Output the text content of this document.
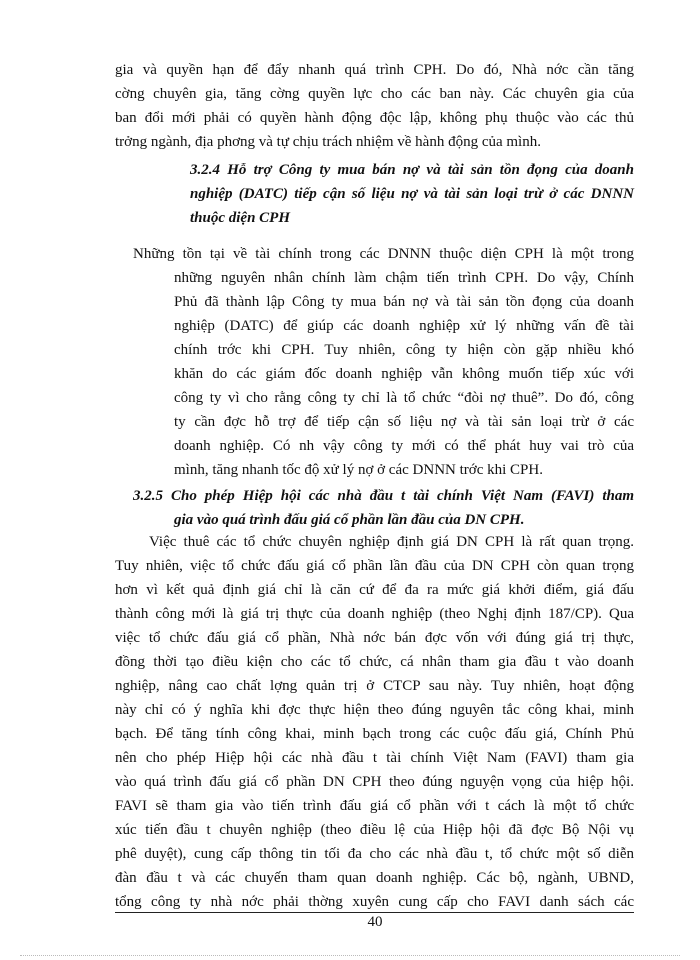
gia và quyền hạn để đẩy nhanh quá trình CPH. Do đó, Nhà nớc cần tăng
cờng chuyên gia, tăng cờng quyền lực cho các ban này. Các chuyên gia của
ban đổi mới phải có quyền hành động độc lập, không phụ thuộc vào các thủ
trởng ngành, địa phơng và tự chịu trách nhiệm về hành động của mình.
3.2.4 Hỗ trợ Công ty mua bán nợ và tài sản tồn đọng của doanh
nghiệp (DATC) tiếp cận số liệu nợ và tài sản loại trừ ở các DNNN
thuộc diện CPH
Những tồn tại về tài chính trong các DNNN thuộc diện CPH là một trong
những nguyên nhân chính làm chậm tiến trình CPH. Do vậy, Chính
Phủ đã thành lập Công ty mua bán nợ và tài sản tồn đọng của doanh
nghiệp (DATC) để giúp các doanh nghiệp xử lý những vấn đề tài
chính trớc khi CPH. Tuy nhiên, công ty hiện còn gặp nhiều khó
khăn do các giám đốc doanh nghiệp vẫn không muốn tiếp xúc với
công ty vì cho rằng công ty chỉ là tổ chức “đòi nợ thuê”. Do đó, công
ty cần đợc hỗ trợ để tiếp cận số liệu nợ và tài sản loại trừ ở các
doanh nghiệp. Có nh vậy công ty mới có thể phát huy vai trò của
mình, tăng nhanh tốc độ xử lý nợ ở các DNNN trớc khi CPH.
3.2.5 Cho phép Hiệp hội các nhà đầu t tài chính Việt Nam (FAVI) tham
gia vào quá trình đấu giá cổ phần lần đầu của DN CPH.
Việc thuê các tổ chức chuyên nghiệp định giá DN CPH là rất quan trọng.
Tuy nhiên, việc tổ chức đấu giá cổ phần lần đầu của DN CPH còn quan trọng
hơn vì kết quả định giá chỉ là căn cứ để đa ra mức giá khởi điểm, giá đấu
thành công mới là giá trị thực của doanh nghiệp (theo Nghị định 187/CP). Qua
việc tổ chức đấu giá cổ phần, Nhà nớc bán đợc vốn với đúng giá trị thực,
đồng thời tạo điều kiện cho các tổ chức, cá nhân tham gia đầu t vào doanh
nghiệp, nâng cao chất lợng quản trị ở CTCP sau này. Tuy nhiên, hoạt động
này chỉ có ý nghĩa khi đợc thực hiện theo đúng nguyên tắc công khai, minh
bạch. Để tăng tính công khai, minh bạch trong các cuộc đấu giá, Chính Phủ
nên cho phép Hiệp hội các nhà đầu t tài chính Việt Nam (FAVI) tham gia
vào quá trình đấu giá cổ phần DN CPH theo đúng nguyện vọng của hiệp hội.
FAVI sẽ tham gia vào tiến trình đấu giá cổ phần với t cách là một tổ chức
xúc tiến đầu t chuyên nghiệp (theo điều lệ của Hiệp hội đã đợc Bộ Nội vụ
phê duyệt), cung cấp thông tin tối đa cho các nhà đầu t, tổ chức một số diễn
đàn đầu t và các chuyến tham quan doanh nghiệp. Các bộ, ngành, UBND,
tổng công ty nhà nớc phải thờng xuyên cung cấp cho FAVI danh sách các
40
